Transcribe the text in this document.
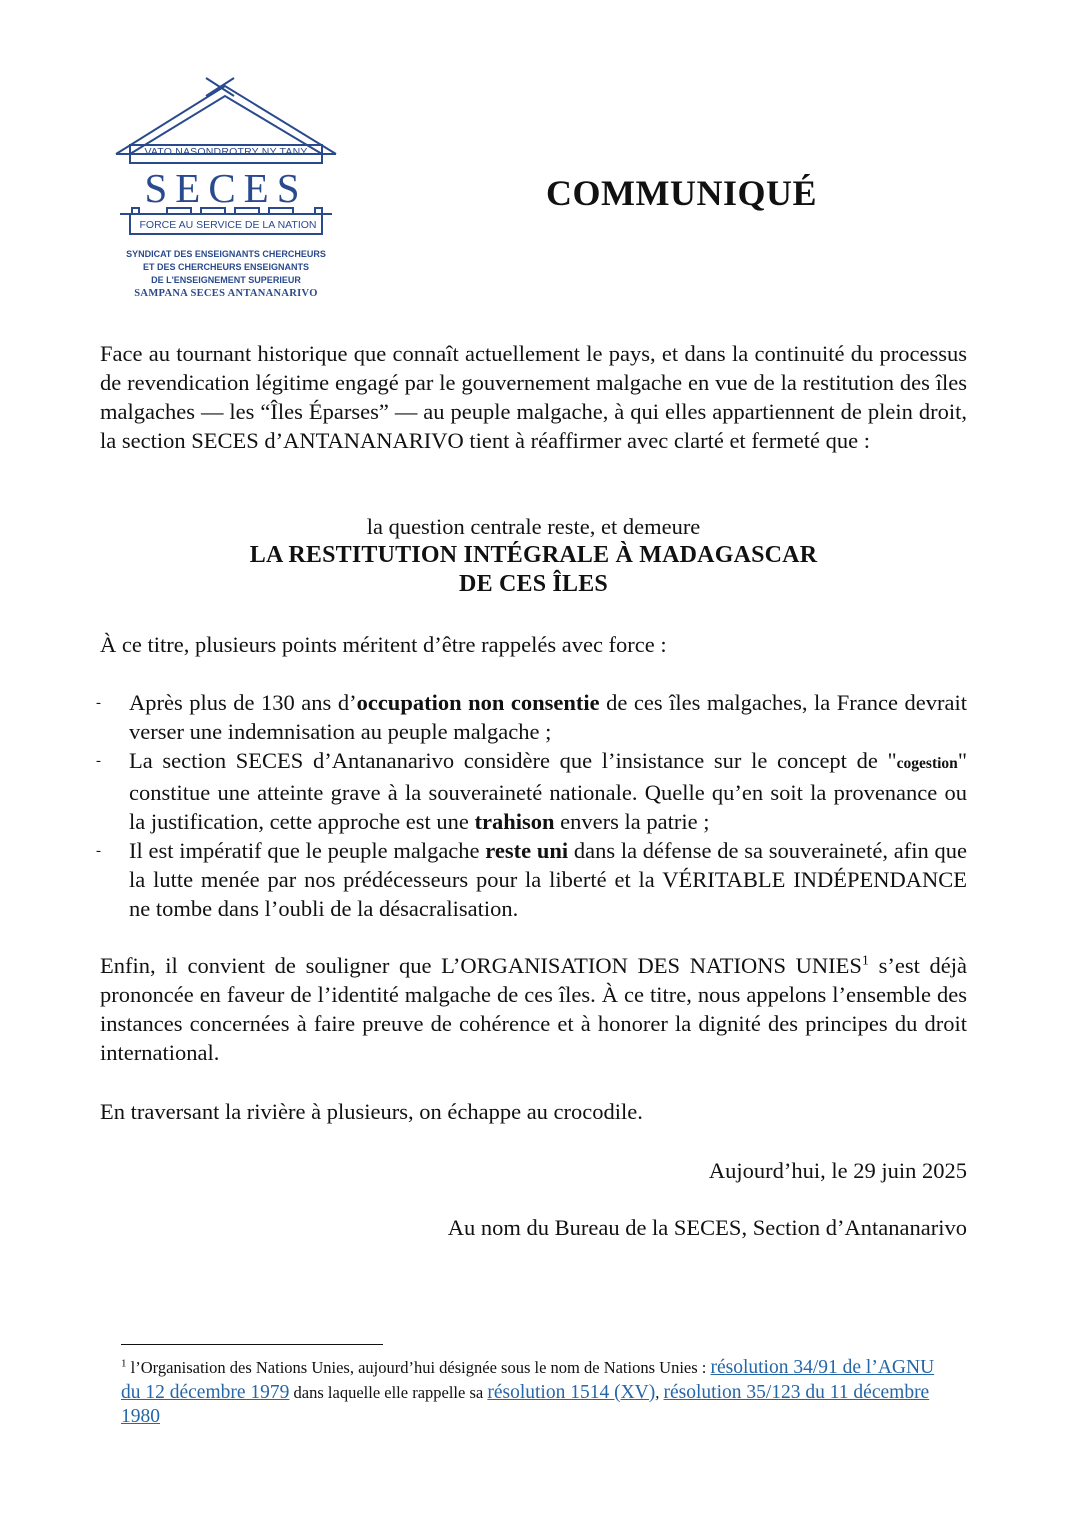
VATO NASONDROTRY NY TANY
SECES
FORCE AU SERVICE DE LA NATION
SYNDICAT DES ENSEIGNANTS CHERCHEURS
ET DES CHERCHEURS ENSEIGNANTS
DE L'ENSEIGNEMENT SUPERIEUR
SAMPANA SECES ANTANANARIVO
COMMUNIQUÉ

Face au tournant historique que connaît actuellement le pays, et dans la continuité du processus de revendication légitime engagé par le gouvernement malgache en vue de la restitution des îles malgaches — les “Îles Éparses” — au peuple malgache, à qui elles appartiennent de plein droit, la section SECES d’ANTANANARIVO tient à réaffirmer avec clarté et fermeté que :

la question centrale reste, et demeure
LA RESTITUTION INTÉGRALE À MADAGASCAR
DE CES ÎLES

À ce titre, plusieurs points méritent d’être rappelés avec force :

- Après plus de 130 ans d’occupation non consentie de ces îles malgaches, la France devrait verser une indemnisation au peuple malgache ;
- La section SECES d’Antananarivo considère que l’insistance sur le concept de "cogestion" constitue une atteinte grave à la souveraineté nationale. Quelle qu’en soit la provenance ou la justification, cette approche est une trahison envers la patrie ;
- Il est impératif que le peuple malgache reste uni dans la défense de sa souveraineté, afin que la lutte menée par nos prédécesseurs pour la liberté et la VÉRITABLE INDÉPENDANCE ne tombe dans l’oubli de la désacralisation.

Enfin, il convient de souligner que L’ORGANISATION DES NATIONS UNIES$^1$ s’est déjà prononcée en faveur de l’identité malgache de ces îles. À ce titre, nous appelons l’ensemble des instances concernées à faire preuve de cohérence et à honorer la dignité des principes du droit international.

En traversant la rivière à plusieurs, on échappe au crocodile.

Aujourd’hui, le 29 juin 2025
Au nom du Bureau de la SECES, Section d’Antananarivo

$^1$ l’Organisation des Nations Unies, aujourd’hui désignée sous le nom de Nations Unies : résolution 34/91 de l’AGNU du 12 décembre 1979 dans laquelle elle rappelle sa résolution 1514 (XV), résolution 35/123 du 11 décembre 1980
